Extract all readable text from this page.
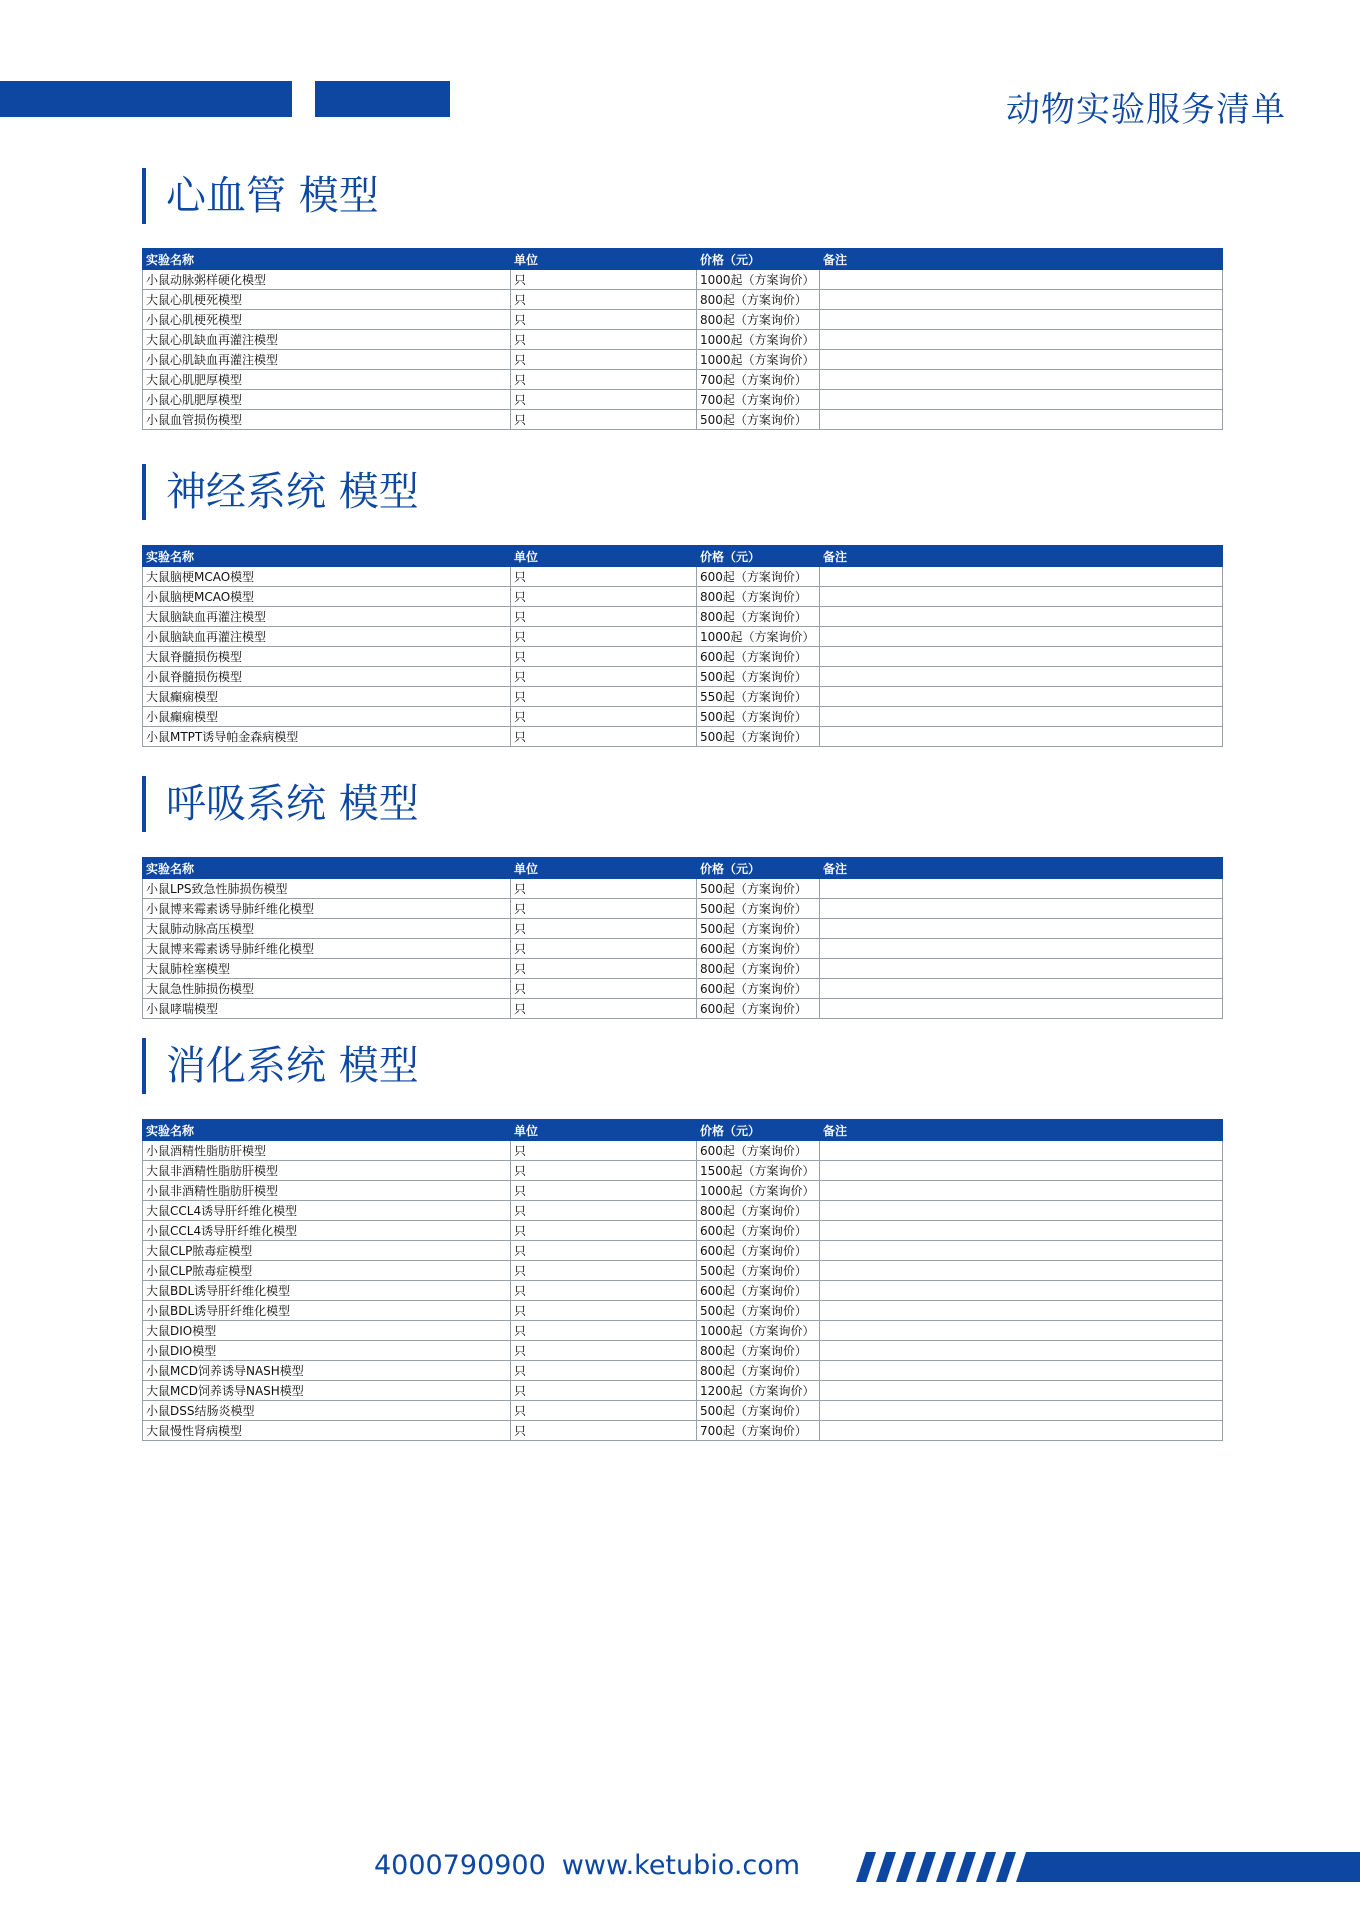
动物实验服务清单
心血管 模型
实验名称	单位	价格（元）	备注
小鼠动脉粥样硬化模型	只	1000起（方案询价）	
大鼠心肌梗死模型	只	800起（方案询价）	
小鼠心肌梗死模型	只	800起（方案询价）	
大鼠心肌缺血再灌注模型	只	1000起（方案询价）	
小鼠心肌缺血再灌注模型	只	1000起（方案询价）	
大鼠心肌肥厚模型	只	700起（方案询价）	
小鼠心肌肥厚模型	只	700起（方案询价）	
小鼠血管损伤模型	只	500起（方案询价）	
神经系统 模型
实验名称	单位	价格（元）	备注
大鼠脑梗MCAO模型	只	600起（方案询价）	
小鼠脑梗MCAO模型	只	800起（方案询价）	
大鼠脑缺血再灌注模型	只	800起（方案询价）	
小鼠脑缺血再灌注模型	只	1000起（方案询价）	
大鼠脊髓损伤模型	只	600起（方案询价）	
小鼠脊髓损伤模型	只	500起（方案询价）	
大鼠癫痫模型	只	550起（方案询价）	
小鼠癫痫模型	只	500起（方案询价）	
小鼠MTPT诱导帕金森病模型	只	500起（方案询价）	
呼吸系统 模型
实验名称	单位	价格（元）	备注
小鼠LPS致急性肺损伤模型	只	500起（方案询价）	
小鼠博来霉素诱导肺纤维化模型	只	500起（方案询价）	
大鼠肺动脉高压模型	只	500起（方案询价）	
大鼠博来霉素诱导肺纤维化模型	只	600起（方案询价）	
大鼠肺栓塞模型	只	800起（方案询价）	
大鼠急性肺损伤模型	只	600起（方案询价）	
小鼠哮喘模型	只	600起（方案询价）	
消化系统 模型
实验名称	单位	价格（元）	备注
小鼠酒精性脂肪肝模型	只	600起（方案询价）	
大鼠非酒精性脂肪肝模型	只	1500起（方案询价）	
小鼠非酒精性脂肪肝模型	只	1000起（方案询价）	
大鼠CCL4诱导肝纤维化模型	只	800起（方案询价）	
小鼠CCL4诱导肝纤维化模型	只	600起（方案询价）	
大鼠CLP脓毒症模型	只	600起（方案询价）	
小鼠CLP脓毒症模型	只	500起（方案询价）	
大鼠BDL诱导肝纤维化模型	只	600起（方案询价）	
小鼠BDL诱导肝纤维化模型	只	500起（方案询价）	
大鼠DIO模型	只	1000起（方案询价）	
小鼠DIO模型	只	800起（方案询价）	
小鼠MCD饲养诱导NASH模型	只	800起（方案询价）	
大鼠MCD饲养诱导NASH模型	只	1200起（方案询价）	
小鼠DSS结肠炎模型	只	500起（方案询价）	
大鼠慢性肾病模型	只	700起（方案询价）	
4000790900 www.ketubio.com
